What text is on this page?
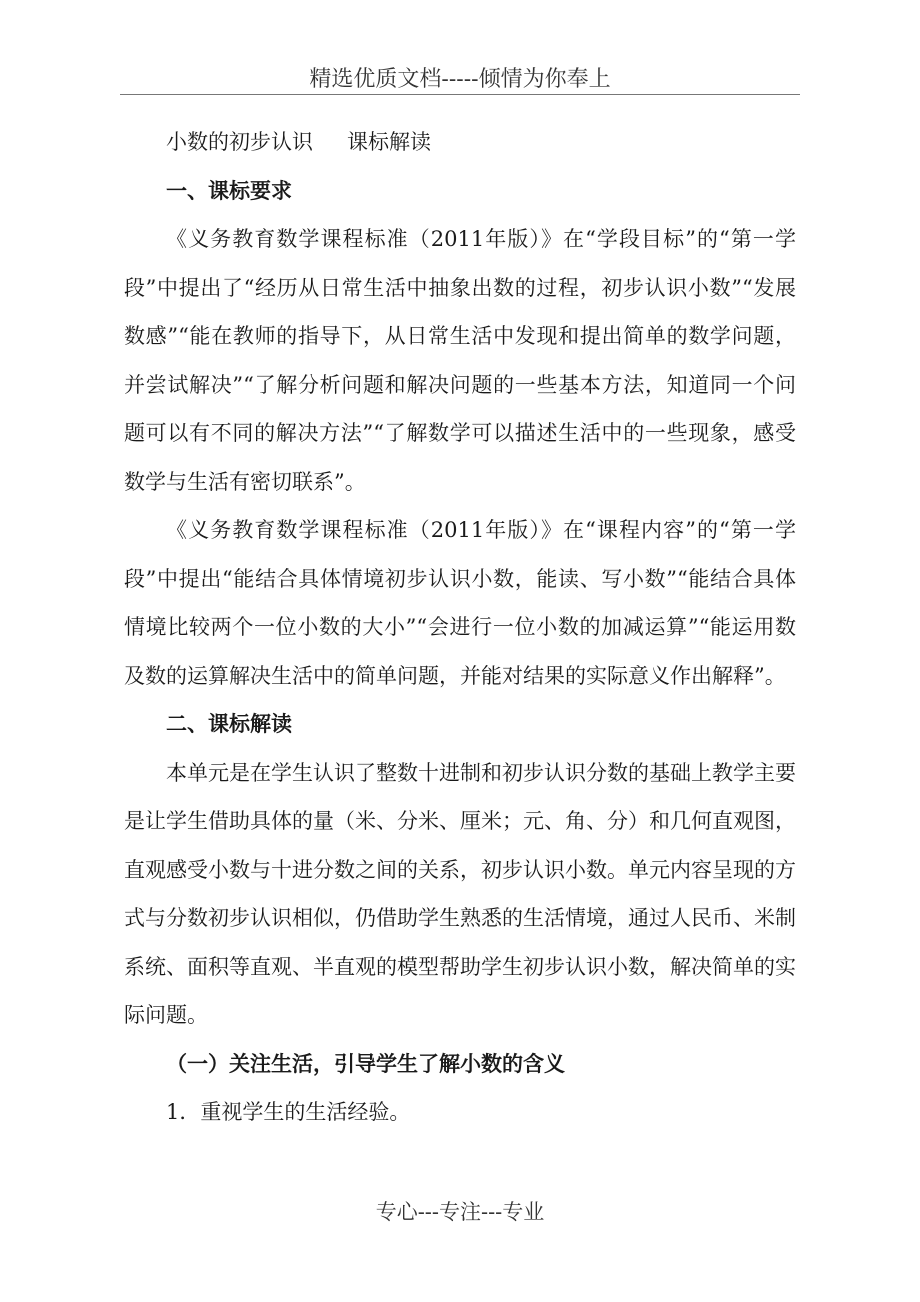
精选优质文档-----倾情为你奉上

小数的初步认识 课标解读

一、课标要求

《义务教育数学课程标准（2011年版）》在“学段目标”的“第一学段”中提出了“经历从日常生活中抽象出数的过程，初步认识小数”“发展数感”“能在教师的指导下，从日常生活中发现和提出简单的数学问题，并尝试解决”“了解分析问题和解决问题的一些基本方法，知道同一个问题可以有不同的解决方法”“了解数学可以描述生活中的一些现象，感受数学与生活有密切联系”。

《义务教育数学课程标准（2011年版）》在“课程内容”的“第一学段”中提出“能结合具体情境初步认识小数，能读、写小数”“能结合具体情境比较两个一位小数的大小”“会进行一位小数的加减运算”“能运用数及数的运算解决生活中的简单问题，并能对结果的实际意义作出解释”。

二、课标解读

本单元是在学生认识了整数十进制和初步认识分数的基础上教学主要是让学生借助具体的量（米、分米、厘米；元、角、分）和几何直观图，直观感受小数与十进分数之间的关系，初步认识小数。单元内容呈现的方式与分数初步认识相似，仍借助学生熟悉的生活情境，通过人民币、米制系统、面积等直观、半直观的模型帮助学生初步认识小数，解决简单的实际问题。

（一）关注生活，引导学生了解小数的含义

1．重视学生的生活经验。

专心---专注---专业
